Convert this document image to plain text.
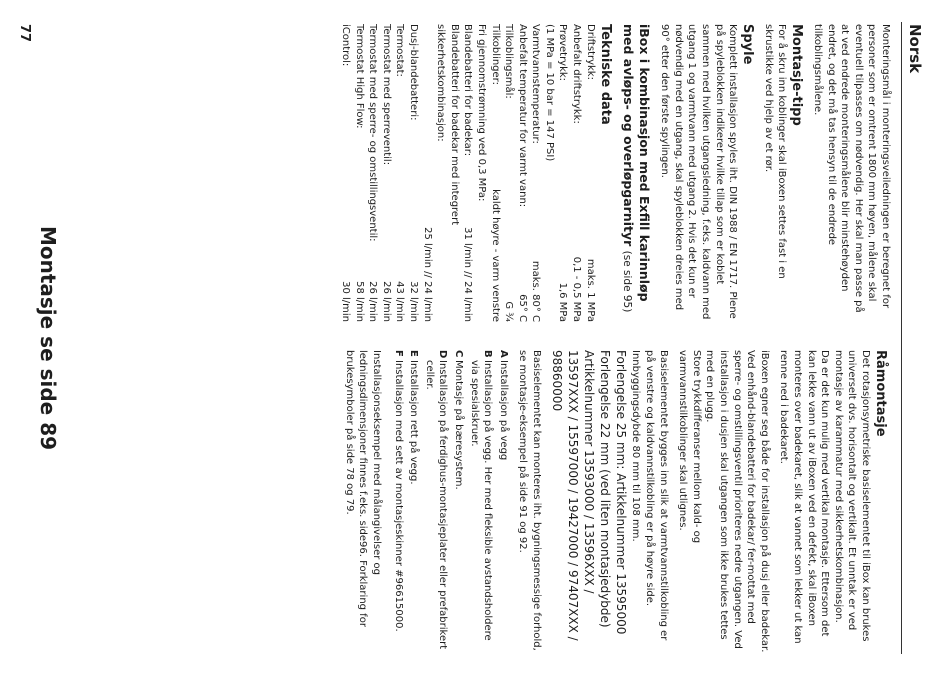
Norsk

Monteringsmål i monteringsveiledningen er beregnet for personer som er omtrent 1800 mm høyen, målene skal eventuell tilpasses om nødvendig. Her skal man passe på at ved endrede monteringsmålene blir minstehøyden endret, og det må tas hensyn til de endrede tilkoblingsmålene.

Montasje-tipp

For å skru inn koblinger skal iBoxen settes fast i en skrustikke ved hjelp av et rør.

Spyle

Komplett installasjon spyles iht. DIN 1988 / EN 1717. Plene på spyleblokken indikerer hvilke tillap som er koblet sammen med hvilken utgangsledning, f.eks. kaldvann med utgang 1 og varmtvann med utgang 2. Hvis det kun er nødvendig med en utgang, skal spyleblokken dreies med 90° etter den første spylingen.

iBox i kombinasjon med Exfill karinnløp med avløps- og overløpgarnityr (se side 95)

Tekniske data

Driftstrykk:
maks. 1 MPa
Anbefalt driftstrykk:
0,1 - 0,5 MPa
Prøvetrykk:
1,6 MPa
(1 MPa = 10 bar = 147 PSI)
Varmtvannstemperatur:
maks. 80° C
Anbefalt temperatur for varmt vann:
65° C
Tilkoblingsmål:
G ¾
Tilkoblinger:
kaldt høyre - varm venstre
Fri gjennomstrømning ved 0,3 MPa:
Blandebatteri for badekar:
31 l/min // 24 l/min
Blandebatteri for badekar med integrert sikkerhetskombinasjon:
25 l/min // 24 l/min
Dusj-blandebatteri:
32 l/min
Termostat:
43 l/min
Termostat med sperreventil:
26 l/min
Termostat med sperre- og omstillingsventil:
26 l/min
Termostat High Flow:
58 l/min
iControl:
30 l/min

Råmontasje

Det rotasjonsymetriske basiselementet til iBox kan brukes universelt dvs. horisontalt og vertikalt. Et unntak er ved montasje av karammatur med sikkerhetskombinasjon.

Da er det kun mulig med vertikal montasje. Ettersom det kan lekke vann ut av iBoxen ved en defekt, skal iBoxen monteres over badekaret, slik at vannet som lekker ut kan renne ned i badekaret.

iBoxen egner seg både for installasjon på dusj eller badekar. Ved enhånd-blandebatteri for badekar/ fer-mottat med sperre- og omstillingsventil prioriteres nedre utgangen. Ved installasjon i dusjen skal utgangen som ikke brukes tettes med en plugg.

Store trykkdifferanser mellom kald- og varmvannstilkoblinger skal utlignes.

Basiselementet bygges inn slik at varmtvannstilkobling er på venstre og kaldvannstilkobling er på høyre side.

Innbyggingsdybde 80 mm til 108 mm.

Forlengelse 25 mm: Artikkelnummer 13595000

Forlengelse 22 mm (ved liten montasjedybde)

Artikkelnummer 13593000 / 13596XXX / 13597XXX / 15597000 / 19427000 / 97407XXX / 98860000

Basiselementet kan monteres iht. bygningsmessige forhold, se montasje-eksempel på side 91 og 92.

AInstallasjon på vegg

BInstallasjon på vegg. Her med fleksible avstandsholdere via spesialskruer.

CMontasje på bæresystem.

DInstallasjon på ferdighus-montasjeplater eller prefabrikert celler.

EInstallasjon rett på vegg.

FInstallasjon med sett av montasjeskinner #96615000.

Installasjonseksempel med målangivelser og ledningsdimensjoner finnes f.eks. side96. Forklaring for brukesymboler på side 78 og 79.

Montasje se side 89
77
